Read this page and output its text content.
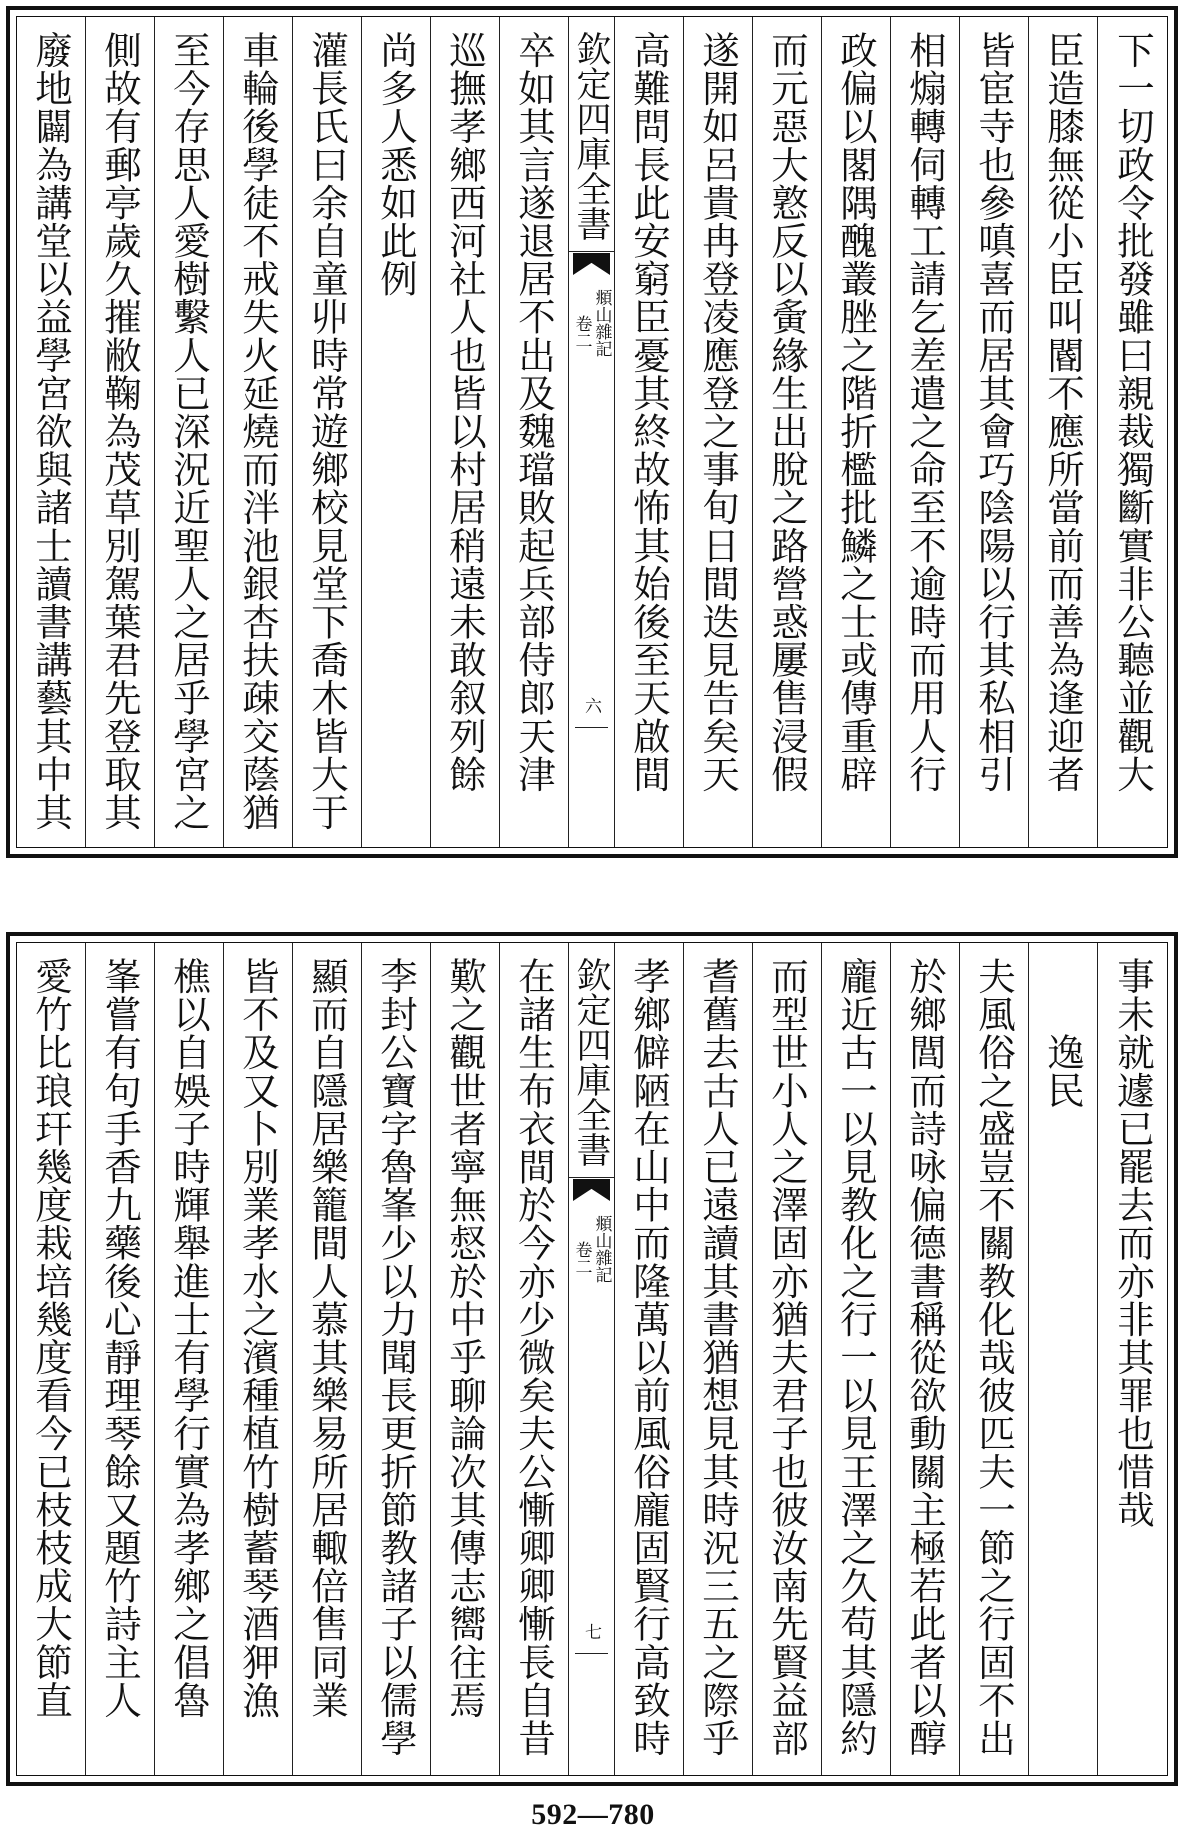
下一切政令批發雖曰親裁獨斷實非公聽並觀大
臣造膝無從小臣叫閽不應所當前而善為逢迎者
皆宦寺也參嗔喜而居其會巧陰陽以行其私相引
相煽轉伺轉工請乞差遣之命至不逾時而用人行
政偏以閣隅醜叢脞之階折檻批鱗之士或傳重辟
而元惡大憝反以夤緣生出脫之路營惑屢售浸假
遂開如呂貴冉登凌應登之事旬日間迭見告矣天
高難問長此安窮臣憂其終故怖其始後至天啟間
欽定四庫全書
頫山雜記
卷二
六
卒如其言遂退居不出及魏璫敗起兵部侍郎天津
巡撫孝鄉西河社人也皆以村居稍遠未敢叙列餘
尚多人悉如此例
灌長氏曰余自童丱時常遊鄉校見堂下喬木皆大于
車輪後學徒不戒失火延燒而泮池銀杏扶疎交蔭猶
至今存思人愛樹繫人已深況近聖人之居乎學宮之
側故有郵亭歲久摧敝鞠為茂草別駕葉君先登取其
廢地闢為講堂以益學宮欲與諸士讀書講藝其中其
事未就遽已罷去而亦非其罪也惜哉
逸民
夫風俗之盛豈不關教化哉彼匹夫一節之行固不出
於鄉閭而詩咏偏德書稱從欲動關主極若此者以醇
龐近古一以見教化之行一以見王澤之久苟其隱約
而型世小人之澤固亦猶夫君子也彼汝南先賢益部
耆舊去古人已遠讀其書猶想見其時況三五之際乎
孝鄉僻陋在山中而隆萬以前風俗龐固賢行高致時
欽定四庫全書
頫山雜記
卷二
七
在諸生布衣間於今亦少微矣夫公慚卿卿慚長自昔
歎之觀世者寧無惄於中乎聊論次其傳志嚮往焉
李封公寶字魯峯少以力聞長更折節教諸子以儒學
顯而自隱居樂籠間人慕其樂易所居輙倍售同業
皆不及又卜別業孝水之濱種植竹樹蓄琴酒狎漁
樵以自娛子時輝舉進士有學行實為孝鄉之倡魯
峯嘗有句手香九藥後心靜理琴餘又題竹詩主人
愛竹比琅玕幾度栽培幾度看今已枝枝成大節直
592—780
